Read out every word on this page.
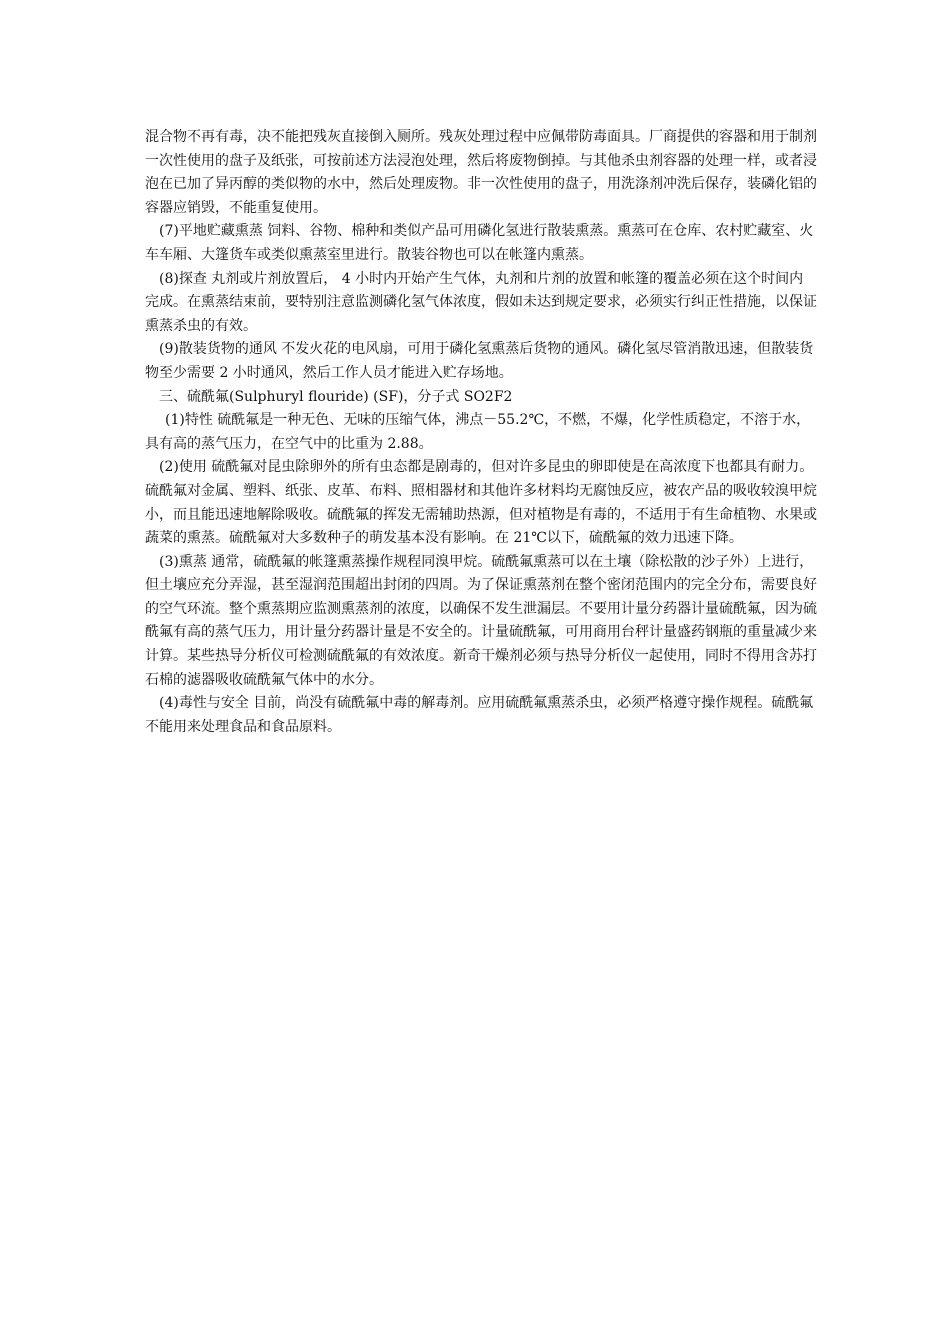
混合物不再有毒，决不能把残灰直接倒入厕所。残灰处理过程中应佩带防毒面具。厂商提供的容器和用于制剂一次性使用的盘子及纸张，可按前述方法浸泡处理，然后将废物倒掉。与其他杀虫剂容器的处理一样，或者浸泡在已加了异丙醇的类似物的水中，然后处理废物。非一次性使用的盘子，用洗涤剂冲洗后保存，装磷化铝的容器应销毁，不能重复使用。

(7)平地贮藏熏蒸 饲料、谷物、棉种和类似产品可用磷化氢进行散装熏蒸。熏蒸可在仓库、农村贮藏室、火车车厢、大篷货车或类似熏蒸室里进行。散装谷物也可以在帐篷内熏蒸。

(8)探查 丸剂或片剂放置后， 4 小时内开始产生气体，丸剂和片剂的放置和帐篷的覆盖必须在这个时间内完成。在熏蒸结束前，要特别注意监测磷化氢气体浓度，假如未达到规定要求，必须实行纠正性措施，以保证熏蒸杀虫的有效。

(9)散装货物的通风 不发火花的电风扇，可用于磷化氢熏蒸后货物的通风。磷化氢尽管消散迅速，但散装货物至少需要 2 小时通风，然后工作人员才能进入贮存场地。

三、硫酰氟(Sulphuryl flouride) (SF)，分子式 SO2F2

(1)特性 硫酰氟是一种无色、无味的压缩气体，沸点－55.2℃，不燃，不爆，化学性质稳定，不溶于水，具有高的蒸气压力，在空气中的比重为 2.88。

(2)使用 硫酰氟对昆虫除卵外的所有虫态都是剧毒的，但对许多昆虫的卵即使是在高浓度下也都具有耐力。硫酰氟对金属、塑料、纸张、皮革、布料、照相器材和其他许多材料均无腐蚀反应，被农产品的吸收较溴甲烷小，而且能迅速地解除吸收。硫酰氟的挥发无需辅助热源，但对植物是有毒的，不适用于有生命植物、水果或蔬菜的熏蒸。硫酰氟对大多数种子的萌发基本没有影响。在 21℃以下，硫酰氟的效力迅速下降。

(3)熏蒸 通常，硫酰氟的帐篷熏蒸操作规程同溴甲烷。硫酰氟熏蒸可以在土壤（除松散的沙子外）上进行，但土壤应充分弄湿，甚至湿润范围超出封闭的四周。为了保证熏蒸剂在整个密闭范围内的完全分布，需要良好的空气环流。整个熏蒸期应监测熏蒸剂的浓度，以确保不发生泄漏层。不要用计量分药器计量硫酰氟，因为硫酰氟有高的蒸气压力，用计量分药器计量是不安全的。计量硫酰氟，可用商用台秤计量盛药钢瓶的重量减少来计算。某些热导分析仪可检测硫酰氟的有效浓度。新奇干燥剂必须与热导分析仪一起使用，同时不得用含苏打石棉的滤器吸收硫酰氟气体中的水分。

(4)毒性与安全 目前，尚没有硫酰氟中毒的解毒剂。应用硫酰氟熏蒸杀虫，必须严格遵守操作规程。硫酰氟不能用来处理食品和食品原料。
